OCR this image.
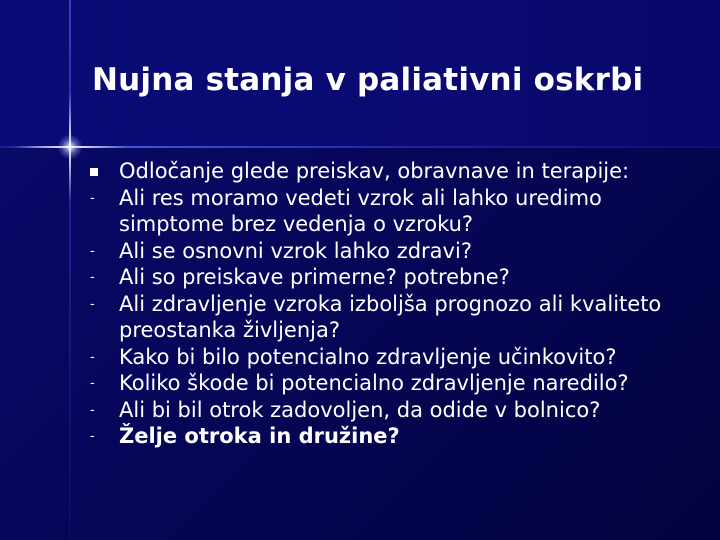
Nujna stanja v paliativni oskrbi
Odločanje glede preiskav, obravnave in terapije:
- Ali res moramo vedeti vzrok ali lahko uredimo simptome brez vedenja o vzroku?
- Ali se osnovni vzrok lahko zdravi?
- Ali so preiskave primerne? potrebne?
- Ali zdravljenje vzroka izboljša prognozo ali kvaliteto preostanka življenja?
- Kako bi bilo potencialno zdravljenje učinkovito?
- Koliko škode bi potencialno zdravljenje naredilo?
- Ali bi bil otrok zadovoljen, da odide v bolnico?
- Želje otroka in družine?
